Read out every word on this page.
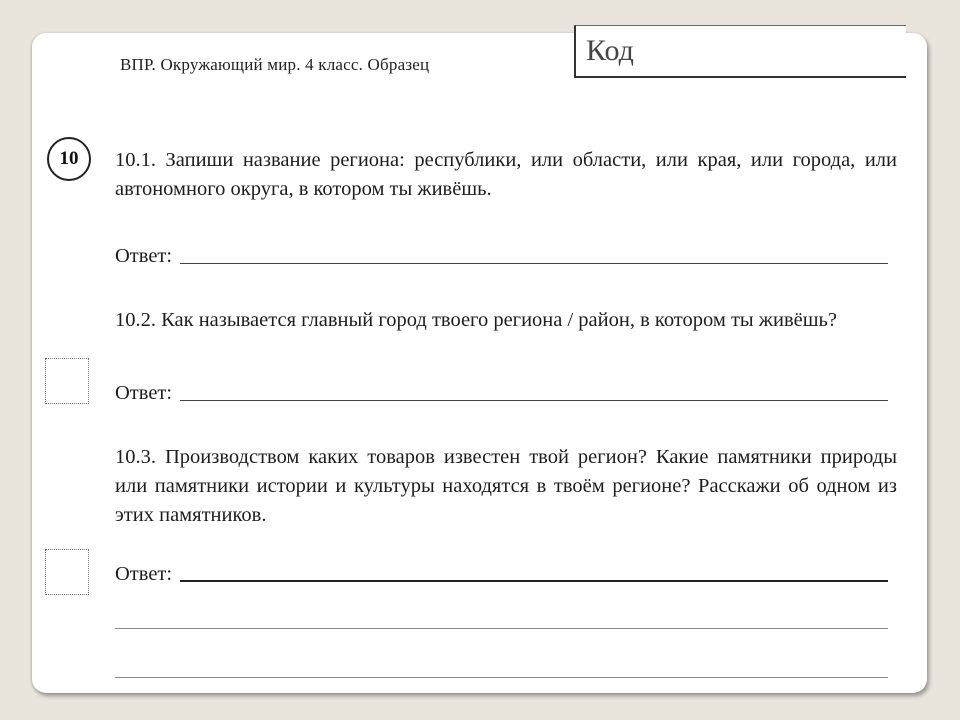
ВПР. Окружающий мир. 4 класс. Образец	Код
10	10.1. Запиши название региона: республики, или области, или края, или города, или автономного округа, в котором ты живёшь.
Ответ:
10.2. Как называется главный город твоего региона / район, в котором ты живёшь?
Ответ:
10.3. Производством каких товаров известен твой регион? Какие памятники природы или памятники истории и культуры находятся в твоём регионе? Расскажи об одном из этих памятников.
Ответ:
